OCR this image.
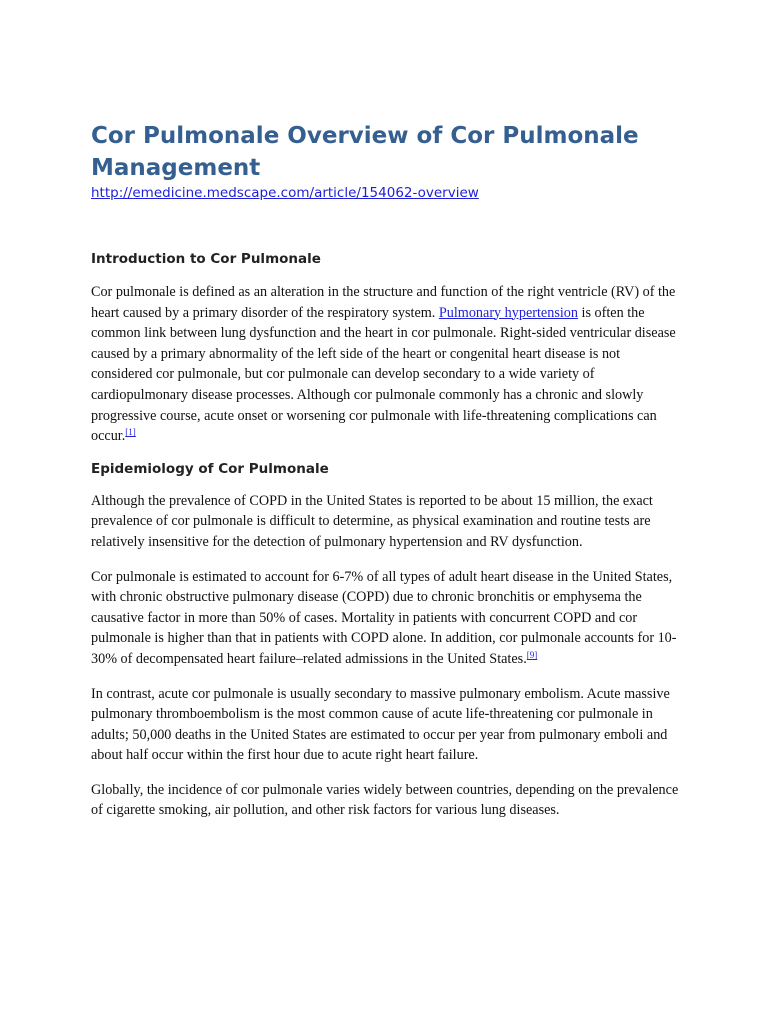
Cor Pulmonale Overview of Cor Pulmonale Management
http://emedicine.medscape.com/article/154062-overview
Introduction to Cor Pulmonale

Cor pulmonale is defined as an alteration in the structure and function of the right ventricle (RV) of the heart caused by a primary disorder of the respiratory system. Pulmonary hypertension is often the common link between lung dysfunction and the heart in cor pulmonale. Right-sided ventricular disease caused by a primary abnormality of the left side of the heart or congenital heart disease is not considered cor pulmonale, but cor pulmonale can develop secondary to a wide variety of cardiopulmonary disease processes. Although cor pulmonale commonly has a chronic and slowly progressive course, acute onset or worsening cor pulmonale with life-threatening complications can occur.[1]

Epidemiology of Cor Pulmonale

Although the prevalence of COPD in the United States is reported to be about 15 million, the exact prevalence of cor pulmonale is difficult to determine, as physical examination and routine tests are relatively insensitive for the detection of pulmonary hypertension and RV dysfunction.

Cor pulmonale is estimated to account for 6-7% of all types of adult heart disease in the United States, with chronic obstructive pulmonary disease (COPD) due to chronic bronchitis or emphysema the causative factor in more than 50% of cases. Mortality in patients with concurrent COPD and cor pulmonale is higher than that in patients with COPD alone. In addition, cor pulmonale accounts for 10-30% of decompensated heart failure–related admissions in the United States.[9]

In contrast, acute cor pulmonale is usually secondary to massive pulmonary embolism. Acute massive pulmonary thromboembolism is the most common cause of acute life-threatening cor pulmonale in adults; 50,000 deaths in the United States are estimated to occur per year from pulmonary emboli and about half occur within the first hour due to acute right heart failure.

Globally, the incidence of cor pulmonale varies widely between countries, depending on the prevalence of cigarette smoking, air pollution, and other risk factors for various lung diseases.
